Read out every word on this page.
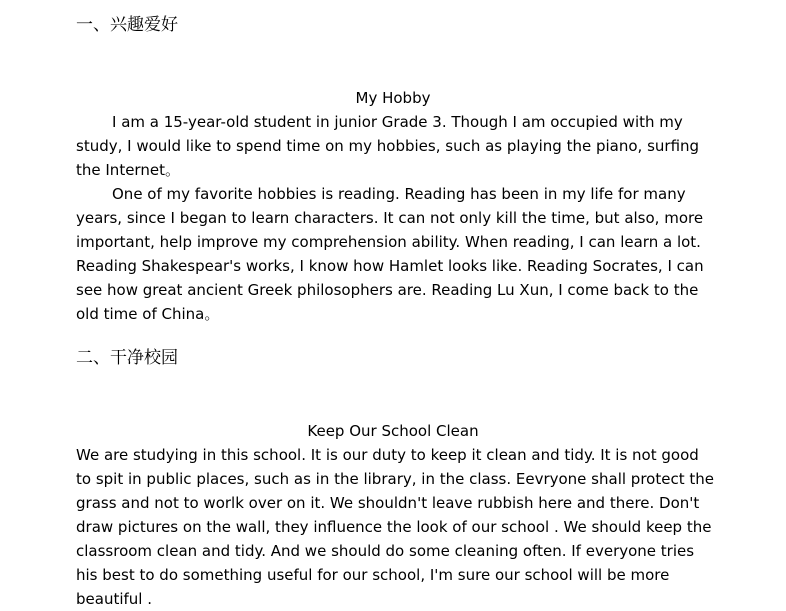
一、兴趣爱好
My Hobby

I am a 15-year-old student in junior Grade 3. Though I am occupied with my study, I would like to spend time on my hobbies, such as playing the piano, surfing the Internet。

One of my favorite hobbies is reading. Reading has been in my life for many years, since I began to learn characters. It can not only kill the time, but also, more important, help improve my comprehension ability. When reading, I can learn a lot. Reading Shakespear's works, I know how Hamlet looks like. Reading Socrates, I can see how great ancient Greek philosophers are. Reading Lu Xun, I come back to the old time of China。

二、干净校园
Keep Our School Clean

We are studying in this school. It is our duty to keep it clean and tidy. It is not good to spit in public places, such as in the library, in the class. Eevryone shall protect the grass and not to worlk over on it. We shouldn't leave rubbish here and there. Don't draw pictures on the wall, they influence the look of our school . We should keep the classroom clean and tidy. And we should do some cleaning often. If everyone tries his best to do something useful for our school, I'm sure our school will be more beautiful .
